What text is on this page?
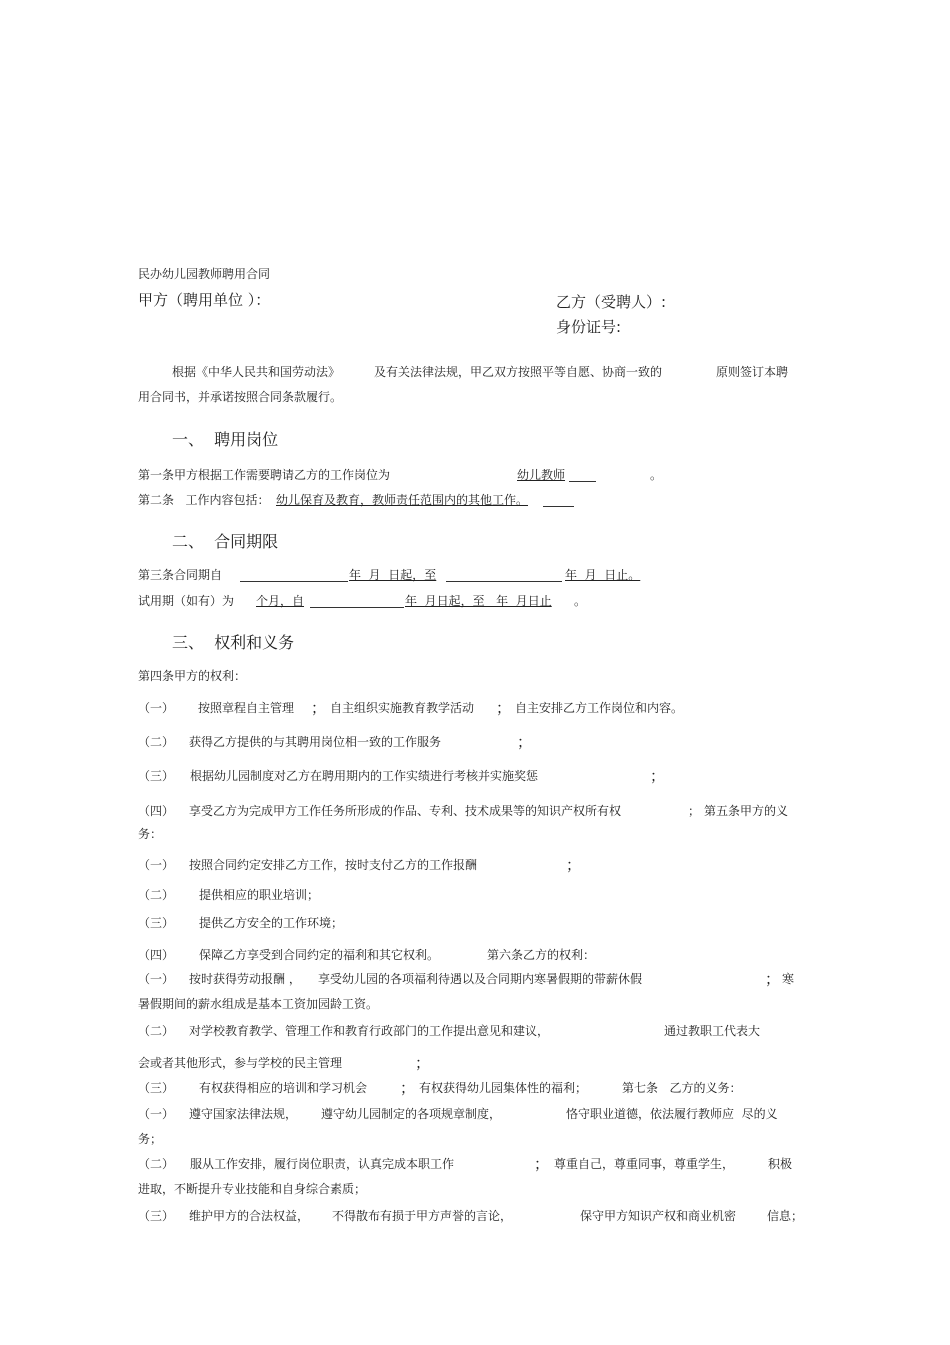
民办幼儿园教师聘用合同
甲方（聘用单位 ）：	乙方（受聘人）:
身份证号:
根据《中华人民共和国劳动法》	及有关法律法规，甲乙双方按照平等自愿、协商一致的	原则签订本聘
用合同书，并承诺按照合同条款履行。
一、  聘用岗位
第一条甲方根据工作需要聘请乙方的工作岗位为	幼儿教师	。
第二条   工作内容包括： 幼儿保育及教育，教师责任范围内的其他工作。
二、  合同期限
第三条合同期自	年  月  日起，至	年  月  日止。
试用期（如有）为 个月，自	年  月日起，至   年  月日止 。
三、  权利和义务
第四条甲方的权利：
（一） 按照章程自主管理 ； 自主组织实施教育教学活动 ； 自主安排乙方工作岗位和内容。
（二） 获得乙方提供的与其聘用岗位相一致的工作服务	；
（三） 根据幼儿园制度对乙方在聘用期内的工作实绩进行考核并实施奖惩	；
（四） 享受乙方为完成甲方工作任务所形成的作品、专利、技术成果等的知识产权所有权	； 第五条甲方的义
务：
（一） 按照合同约定安排乙方工作，按时支付乙方的工作报酬	；
（二） 提供相应的职业培训；
（三） 提供乙方安全的工作环境；
（四） 保障乙方享受到合同约定的福利和其它权利。	第六条乙方的权利：
（一） 按时获得劳动报酬 ， 享受幼儿园的各项福利待遇以及合同期内寒暑假期的带薪休假	； 寒
暑假期间的薪水组成是基本工资加园龄工资。
（二） 对学校教育教学、管理工作和教育行政部门的工作提出意见和建议，	通过教职工代表大
会或者其他形式，参与学校的民主管理	；
（三） 有权获得相应的培训和学习机会 ； 有权获得幼儿园集体性的福利；	第七条   乙方的义务：
（一） 遵守国家法律法规， 遵守幼儿园制定的各项规章制度，	恪守职业道德，依法履行教师应  尽的义
务；
（二） 服从工作安排，履行岗位职责，认真完成本职工作	； 尊重自己，尊重同事，尊重学生，	积极
进取，不断提升专业技能和自身综合素质；
（三） 维护甲方的合法权益， 不得散布有损于甲方声誉的言论，	保守甲方知识产权和商业机密	信息；
